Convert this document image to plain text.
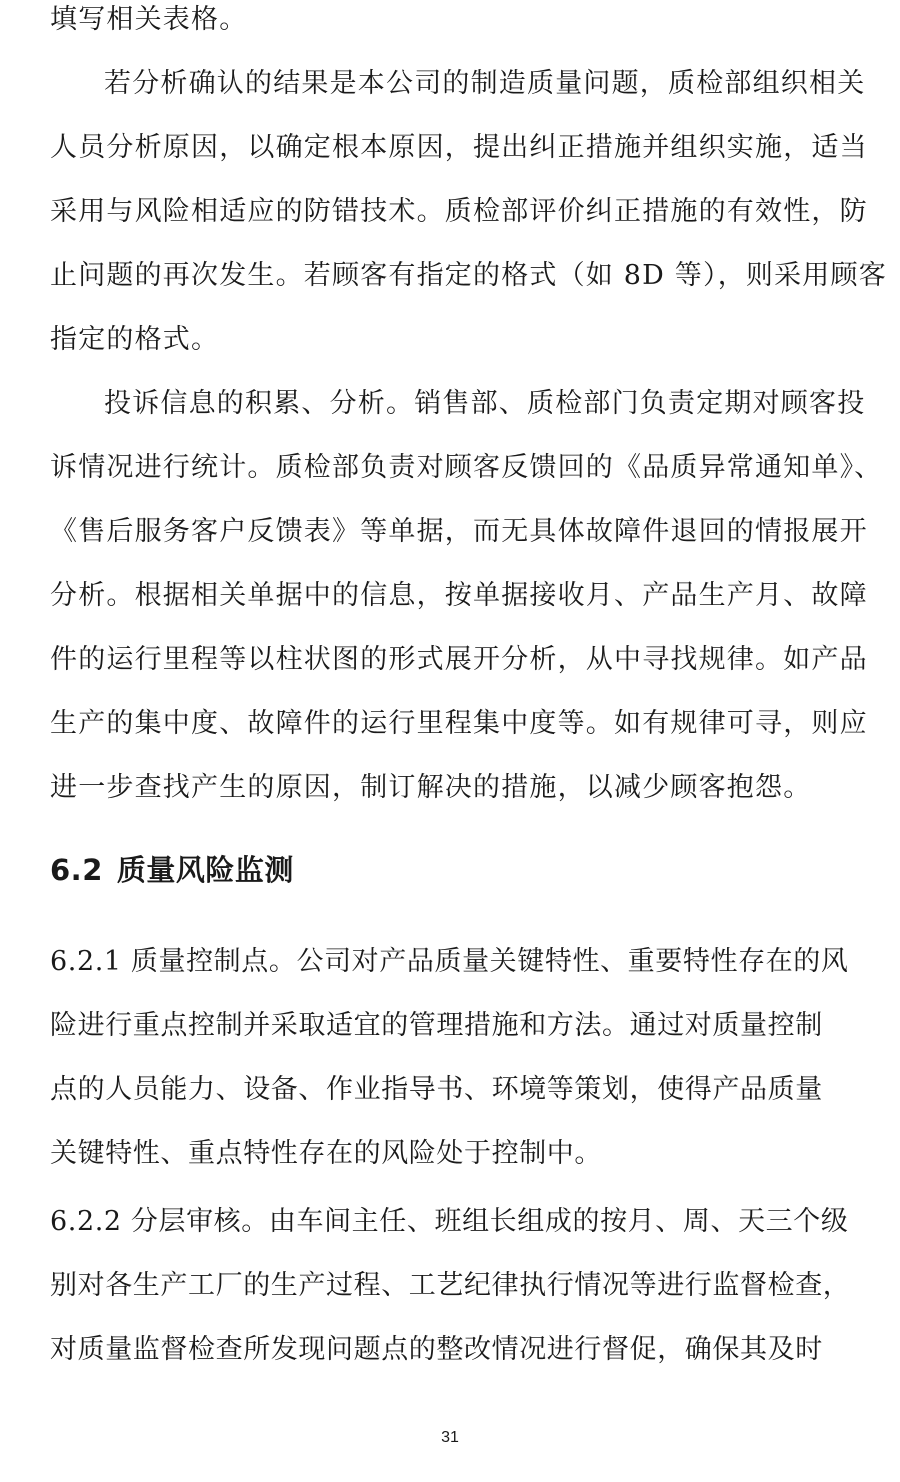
填写相关表格。
若分析确认的结果是本公司的制造质量问题，质检部组织相关
人员分析原因，以确定根本原因，提出纠正措施并组织实施，适当
采用与风险相适应的防错技术。质检部评价纠正措施的有效性，防
止问题的再次发生。若顾客有指定的格式（如 8D 等），则采用顾客
指定的格式。
投诉信息的积累、分析。销售部、质检部门负责定期对顾客投
诉情况进行统计。质检部负责对顾客反馈回的《品质异常通知单》、
《售后服务客户反馈表》等单据，而无具体故障件退回的情报展开
分析。根据相关单据中的信息，按单据接收月、产品生产月、故障
件的运行里程等以柱状图的形式展开分析，从中寻找规律。如产品
生产的集中度、故障件的运行里程集中度等。如有规律可寻，则应
进一步查找产生的原因，制订解决的措施，以减少顾客抱怨。
6.2 质量风险监测
6.2.1 质量控制点。公司对产品质量关键特性、重要特性存在的风
险进行重点控制并采取适宜的管理措施和方法。通过对质量控制
点的人员能力、设备、作业指导书、环境等策划，使得产品质量
关键特性、重点特性存在的风险处于控制中。
6.2.2 分层审核。由车间主任、班组长组成的按月、周、天三个级
别对各生产工厂的生产过程、工艺纪律执行情况等进行监督检查，
对质量监督检查所发现问题点的整改情况进行督促，确保其及时
31
